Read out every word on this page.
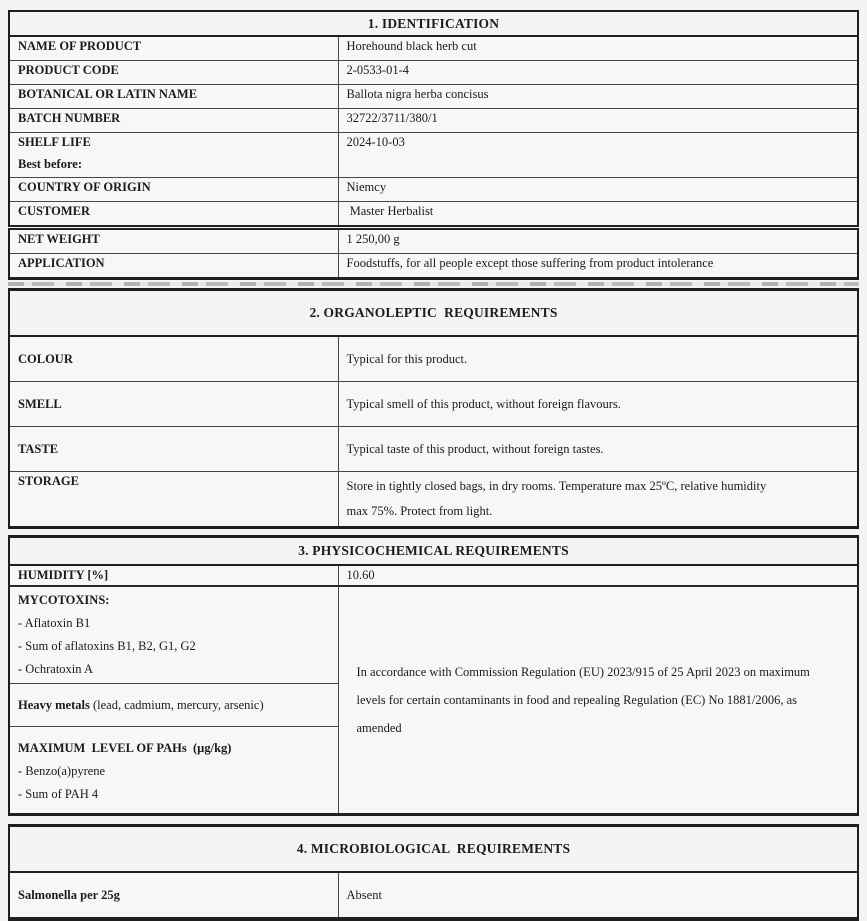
1. IDENTIFICATION	
NAME OF PRODUCT	Horehound black herb cut
PRODUCT CODE	2-0533-01-4
BOTANICAL OR LATIN NAME	Ballota nigra herba concisus
BATCH NUMBER	32722/3711/380/1
SHELF LIFE
Best before:	2024-10-03
COUNTRY OF ORIGIN	Niemcy
CUSTOMER	Master Herbalist
NET WEIGHT	1 250,00 g
APPLICATION	Foodstuffs, for all people except those suffering from product intolerance
2. ORGANOLEPTIC  REQUIREMENTS	
COLOUR	Typical for this product.
SMELL	Typical smell of this product, without foreign flavours.
TASTE	Typical taste of this product, without foreign tastes.
STORAGE	Store in tightly closed bags, in dry rooms. Temperature max 25ºC, relative humidity max 75%. Protect from light.
3. PHYSICOCHEMICAL REQUIREMENTS	
HUMIDITY [%]	10.60

MYCOTOXINS:
- Aflatoxin B1
- Sum of aflatoxins B1, B2, G1, G2
- Ochratoxin A	In accordance with Commission Regulation (EU) 2023/915 of 25 April 2023 on maximum levels for certain contaminants in food and repealing Regulation (EC) No 1881/2006, as amended

Heavy metals (lead, cadmium, mercury, arsenic)	

MAXIMUM  LEVEL OF PAHs  (µg/kg)
- Benzo(a)pyrene
- Sum of PAH 4	
4. MICROBIOLOGICAL  REQUIREMENTS
Salmonella per 25g	Absent
